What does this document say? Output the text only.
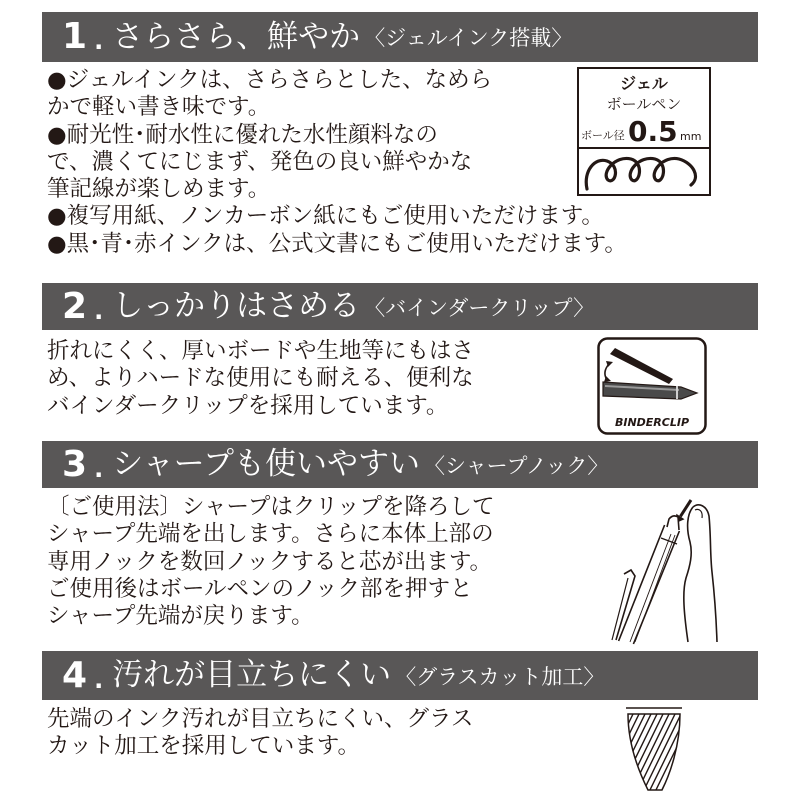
1 . さらさら、鮮やか 〈ジェルインク搭載〉
●ジェルインクは、さらさらとした、なめら
かで軽い書き味です。
●耐光性･耐水性に優れた水性顔料なの
で、濃くてにじまず、発色の良い鮮やかな
筆記線が楽しめます。
●複写用紙、ノンカーボン紙にもご使用いただけます。
●黒･青･赤インクは、公式文書にもご使用いただけます。
ジェル
ボールペン
ボール径 0.5 mm
2 . しっかりはさめる 〈バインダークリップ〉
折れにくく、厚いボードや生地等にもはさ
め、よりハードな使用にも耐える、便利な
バインダークリップを採用しています。
BINDERCLIP
3 . シャープも使いやすい 〈シャープノック〉
〔ご使用法〕シャープはクリップを降ろして
シャープ先端を出します。さらに本体上部の
専用ノックを数回ノックすると芯が出ます。
ご使用後はボールペンのノック部を押すと
シャープ先端が戻ります。
4 . 汚れが目立ちにくい 〈グラスカット加工〉
先端のインク汚れが目立ちにくい、グラス
カット加工を採用しています。
